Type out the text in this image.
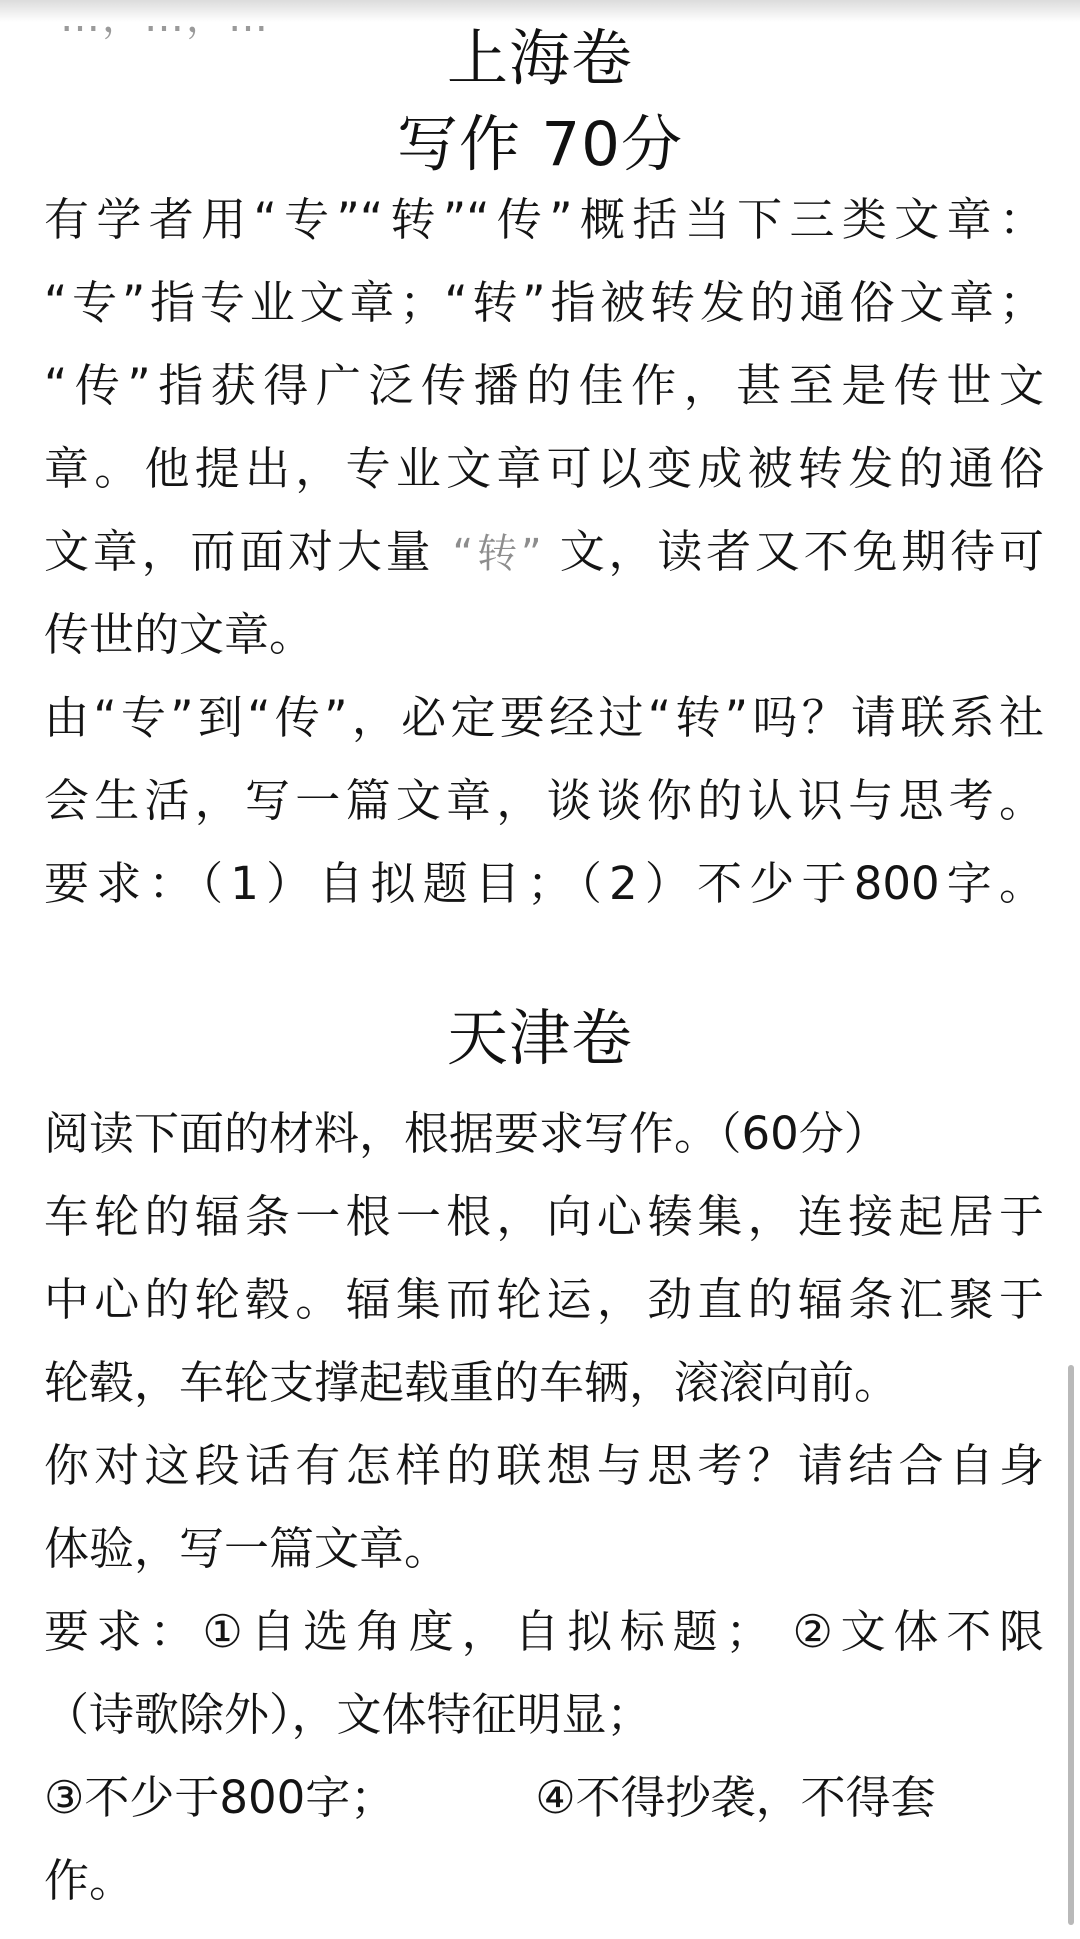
…，…，…
上海卷
写作 70分
有学者用“专”“转”“传”概括当下三类文章：
“专”指专业文章；“转”指被转发的通俗文章；
“传”指获得广泛传播的佳作，甚至是传世文
章。他提出，专业文章可以变成被转发的通俗
文章，而面对大量 “转” 文，读者又不免期待可
传世的文章。
由“专”到“传”，必定要经过“转”吗？请联系社
会生活，写一篇文章，谈谈你的认识与思考。
要求：（1）自拟题目；（2）不少于800字。
天津卷
阅读下面的材料，根据要求写作。（60分）
车轮的辐条一根一根，向心辏集，连接起居于
中心的轮毂。辐集而轮运，劲直的辐条汇聚于
轮毂，车轮支撑起载重的车辆，滚滚向前。
你对这段话有怎样的联想与思考？请结合自身
体验，写一篇文章。
要求：①自选角度，自拟标题； ②文体不限
（诗歌除外），文体特征明显；
③不少于800字；	④不得抄袭，不得套
作。
